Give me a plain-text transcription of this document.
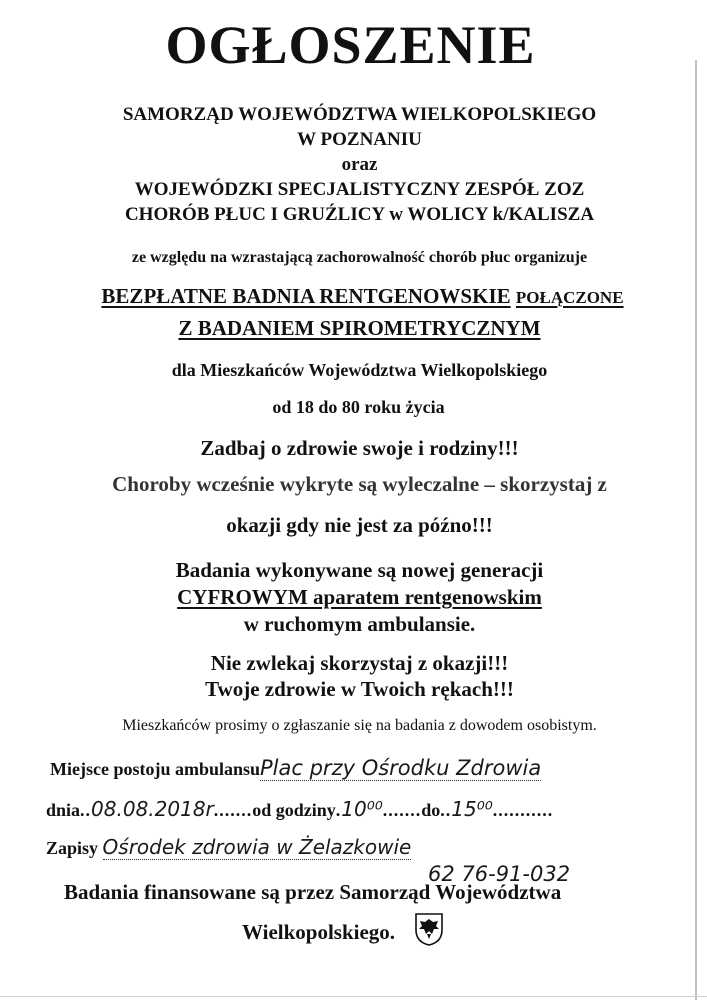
OGŁOSZENIE
SAMORZĄD WOJEWÓDZTWA WIELKOPOLSKIEGO
W POZNANIU
oraz
WOJEWÓDZKI SPECJALISTYCZNY ZESPÓŁ ZOZ
CHORÓB PŁUC I GRUŹLICY w WOLICY k/KALISZA
ze względu na wzrastającą zachorowalność chorób płuc organizuje
BEZPŁATNE BADNIA RENTGENOWSKIE POŁĄCZONE
Z BADANIEM SPIROMETRYCZNYM
dla Mieszkańców Województwa Wielkopolskiego
od 18 do 80 roku życia
Zadbaj o zdrowie swoje i rodziny!!!
Choroby wcześnie wykryte są wyleczalne – skorzystaj z
okazji gdy nie jest za późno!!!
Badania wykonywane są nowej generacji
CYFROWYM aparatem rentgenowskim
w ruchomym ambulansie.
Nie zwlekaj skorzystaj z okazji!!!
Twoje zdrowie w Twoich rękach!!!
Mieszkańców prosimy o zgłaszanie się na badania z dowodem osobistym.
Miejsce postoju ambulansuPlac przy Ośrodku Zdrowia
dnia..08.08.2018r.......od godziny.10⁰⁰.......do..15⁰⁰...........
Zapisy Ośrodek zdrowia w Żelazkowie
62 76-91-032
Badania finansowane są przez Samorząd Województwa
Wielkopolskiego.
